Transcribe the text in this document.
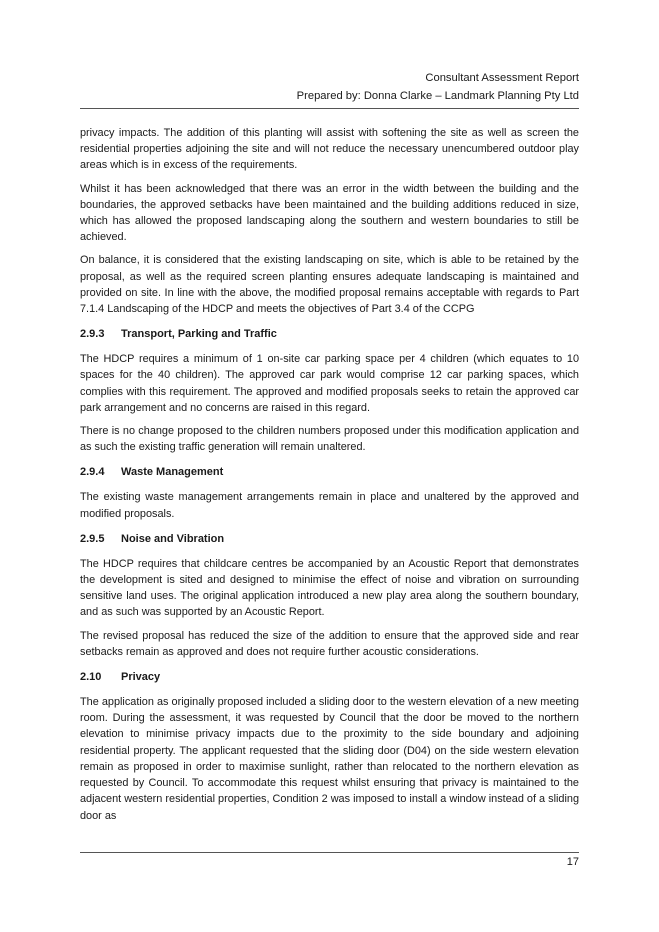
Consultant Assessment Report
Prepared by: Donna Clarke – Landmark Planning Pty Ltd

privacy impacts. The addition of this planting will assist with softening the site as well as screen the residential properties adjoining the site and will not reduce the necessary unencumbered outdoor play areas which is in excess of the requirements.

Whilst it has been acknowledged that there was an error in the width between the building and the boundaries, the approved setbacks have been maintained and the building additions reduced in size, which has allowed the proposed landscaping along the southern and western boundaries to still be achieved.

On balance, it is considered that the existing landscaping on site, which is able to be retained by the proposal, as well as the required screen planting ensures adequate landscaping is maintained and provided on site. In line with the above, the modified proposal remains acceptable with regards to Part 7.1.4 Landscaping of the HDCP and meets the objectives of Part 3.4 of the CCPG

2.9.3 Transport, Parking and Traffic

The HDCP requires a minimum of 1 on-site car parking space per 4 children (which equates to 10 spaces for the 40 children). The approved car park would comprise 12 car parking spaces, which complies with this requirement. The approved and modified proposals seeks to retain the approved car park arrangement and no concerns are raised in this regard.

There is no change proposed to the children numbers proposed under this modification application and as such the existing traffic generation will remain unaltered.

2.9.4 Waste Management

The existing waste management arrangements remain in place and unaltered by the approved and modified proposals.

2.9.5 Noise and Vibration

The HDCP requires that childcare centres be accompanied by an Acoustic Report that demonstrates the development is sited and designed to minimise the effect of noise and vibration on surrounding sensitive land uses. The original application introduced a new play area along the southern boundary, and as such was supported by an Acoustic Report.

The revised proposal has reduced the size of the addition to ensure that the approved side and rear setbacks remain as approved and does not require further acoustic considerations.

2.10 Privacy

The application as originally proposed included a sliding door to the western elevation of a new meeting room. During the assessment, it was requested by Council that the door be moved to the northern elevation to minimise privacy impacts due to the proximity to the side boundary and adjoining residential property. The applicant requested that the sliding door (D04) on the side western elevation remain as proposed in order to maximise sunlight, rather than relocated to the northern elevation as requested by Council. To accommodate this request whilst ensuring that privacy is maintained to the adjacent western residential properties, Condition 2 was imposed to install a window instead of a sliding door as

17
